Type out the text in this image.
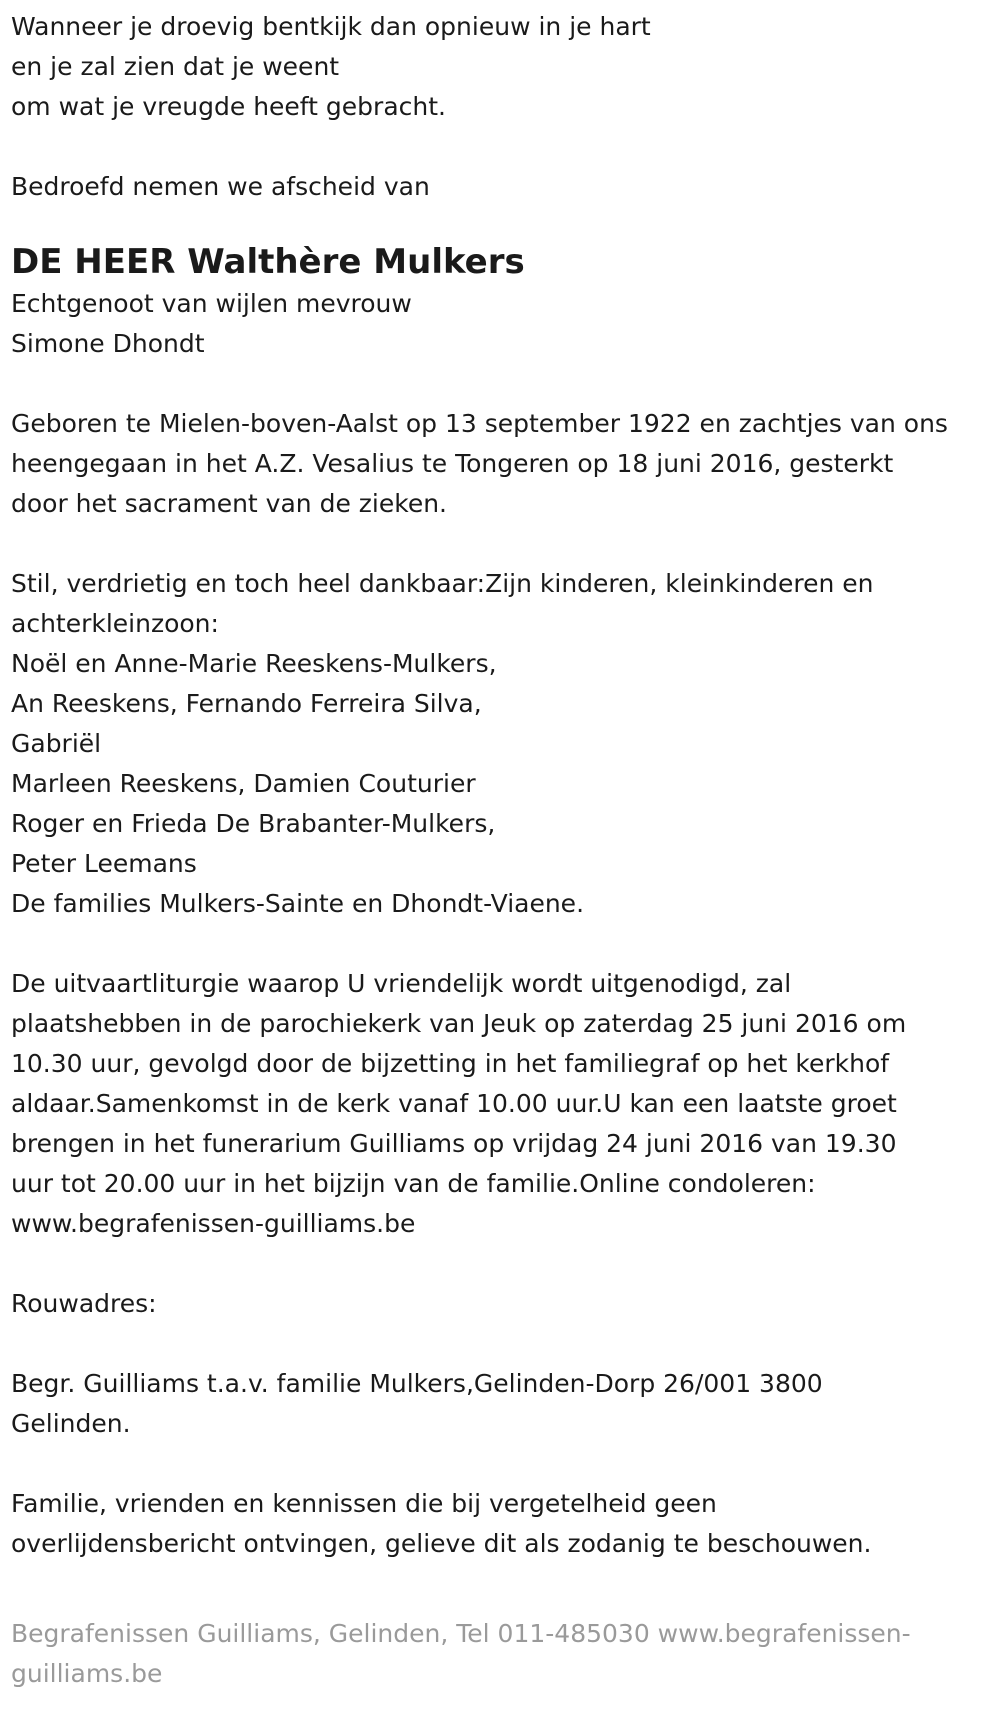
Wanneer je droevig bentkijk dan opnieuw in je hart
en je zal zien dat je weent
om wat je vreugde heeft gebracht.
Bedroefd nemen we afscheid van
DE HEER Walthère Mulkers
Echtgenoot van wijlen mevrouw
Simone Dhondt
Geboren te Mielen-boven-Aalst op 13 september 1922 en zachtjes van ons
heengegaan in het A.Z. Vesalius te Tongeren op 18 juni 2016, gesterkt
door het sacrament van de zieken.
Stil, verdrietig en toch heel dankbaar:Zijn kinderen, kleinkinderen en
achterkleinzoon:
Noël en Anne-Marie Reeskens-Mulkers,
An Reeskens, Fernando Ferreira Silva,
Gabriël
Marleen Reeskens, Damien Couturier
Roger en Frieda De Brabanter-Mulkers,
Peter Leemans
De families Mulkers-Sainte en Dhondt-Viaene.
De uitvaartliturgie waarop U vriendelijk wordt uitgenodigd, zal
plaatshebben in de parochiekerk van Jeuk op zaterdag 25 juni 2016 om
10.30 uur, gevolgd door de bijzetting in het familiegraf op het kerkhof
aldaar.Samenkomst in de kerk vanaf 10.00 uur.U kan een laatste groet
brengen in het funerarium Guilliams op vrijdag 24 juni 2016 van 19.30
uur tot 20.00 uur in het bijzijn van de familie.Online condoleren:
www.begrafenissen-guilliams.be
Rouwadres:
Begr. Guilliams t.a.v. familie Mulkers,Gelinden-Dorp 26/001 3800
Gelinden.
Familie, vrienden en kennissen die bij vergetelheid geen
overlijdensbericht ontvingen, gelieve dit als zodanig te beschouwen.
Begrafenissen Guilliams, Gelinden, Tel 011-485030 www.begrafenissen-
guilliams.be
